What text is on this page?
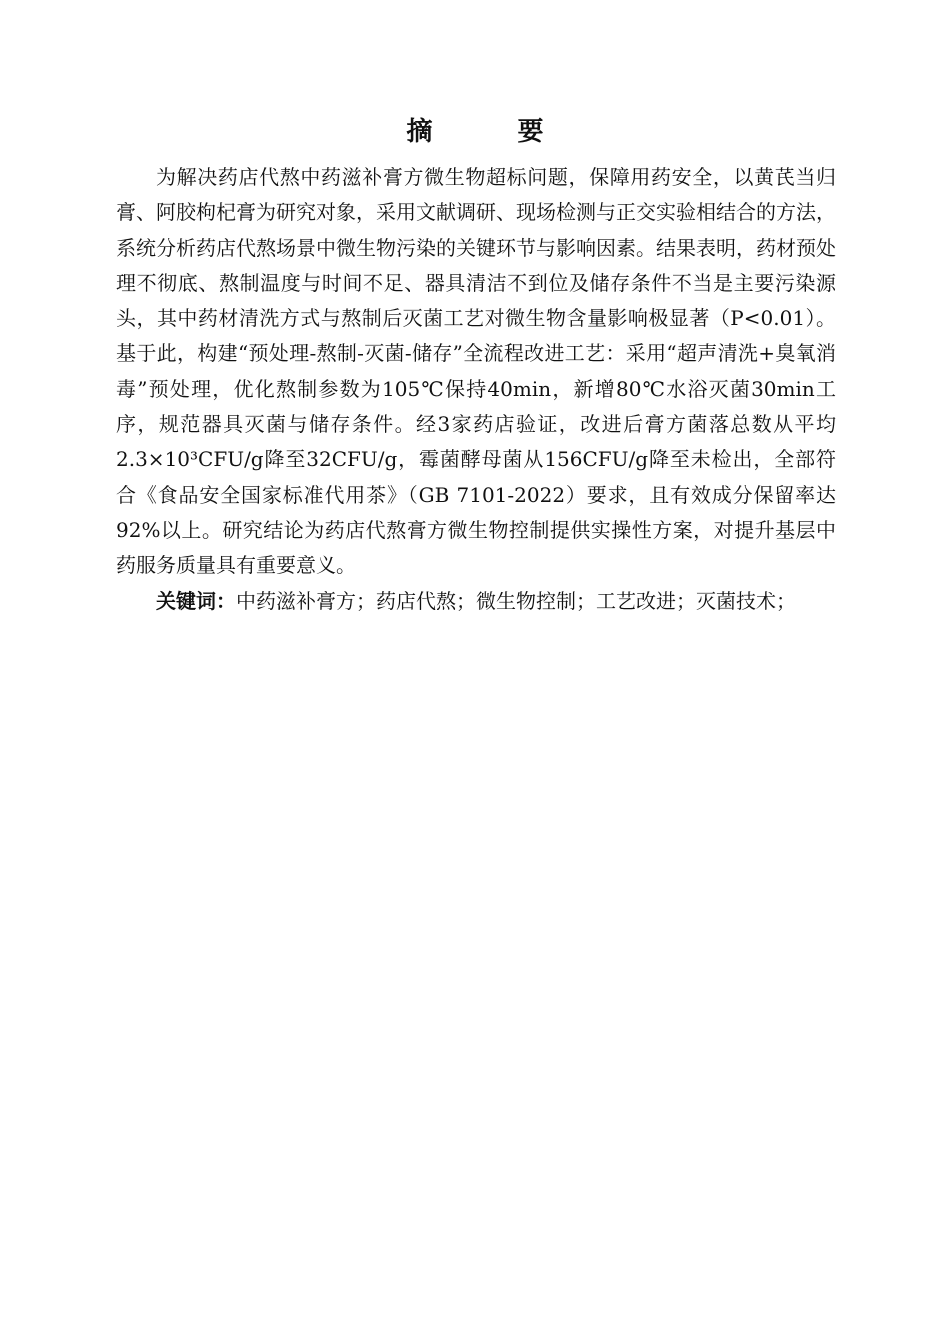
摘 要

为解决药店代熬中药滋补膏方微生物超标问题，保障用药安全，以黄芪当归膏、阿胶枸杞膏为研究对象，采用文献调研、现场检测与正交实验相结合的方法，系统分析药店代熬场景中微生物污染的关键环节与影响因素。结果表明，药材预处理不彻底、熬制温度与时间不足、器具清洁不到位及储存条件不当是主要污染源头，其中药材清洗方式与熬制后灭菌工艺对微生物含量影响极显著（P<0.01）。基于此，构建“预处理-熬制-灭菌-储存”全流程改进工艺：采用“超声清洗+臭氧消毒”预处理，优化熬制参数为105℃保持40min，新增80℃水浴灭菌30min工序，规范器具灭菌与储存条件。经3家药店验证，改进后膏方菌落总数从平均2.3×10³CFU/g降至32CFU/g，霉菌酵母菌从156CFU/g降至未检出，全部符合《食品安全国家标准代用茶》（GB 7101-2022）要求，且有效成分保留率达92%以上。研究结论为药店代熬膏方微生物控制提供实操性方案，对提升基层中药服务质量具有重要意义。

关键词：中药滋补膏方；药店代熬；微生物控制；工艺改进；灭菌技术；
